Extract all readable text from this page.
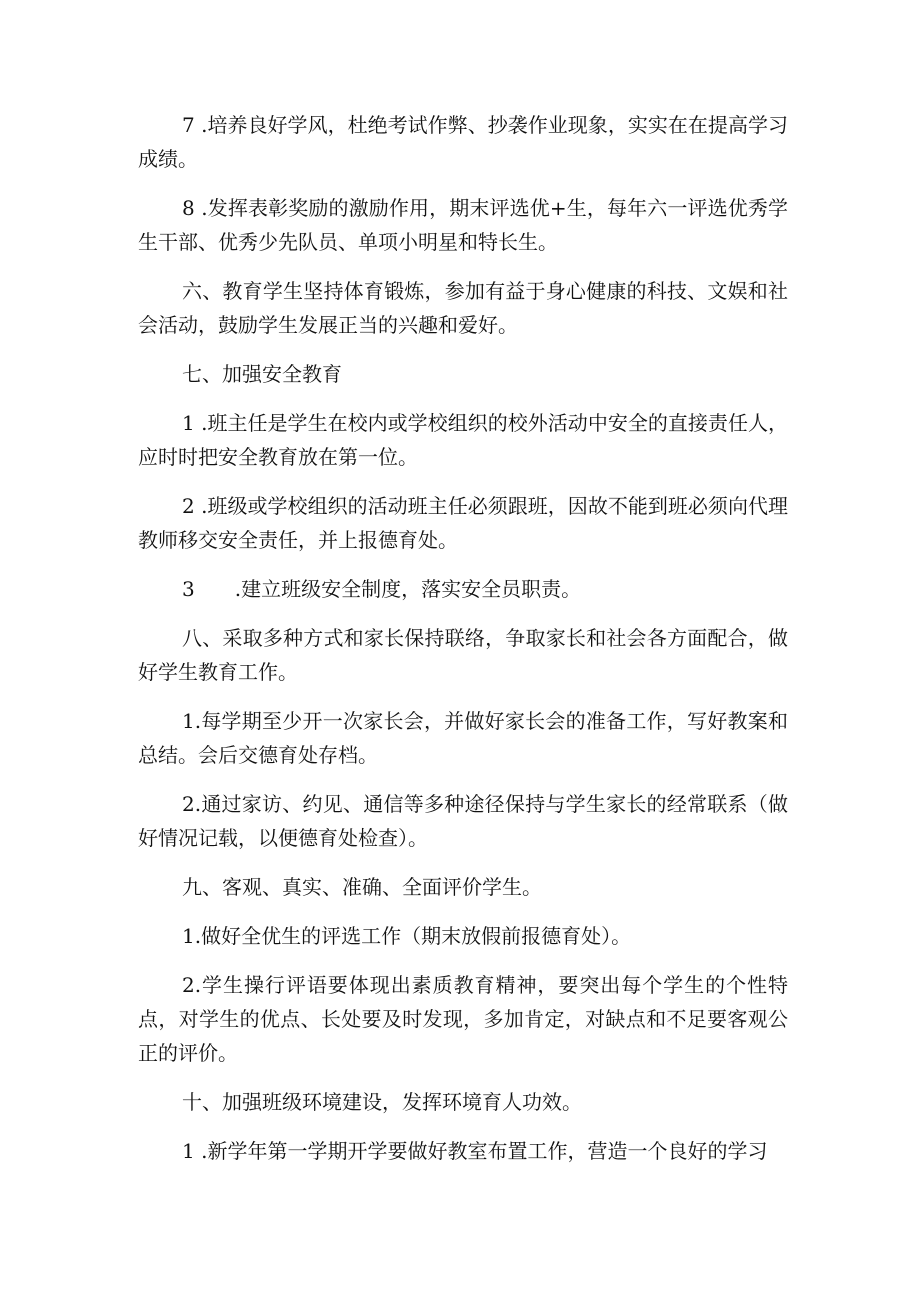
7 .培养良好学风，杜绝考试作弊、抄袭作业现象，实实在在提高学习成绩。

8 .发挥表彰奖励的激励作用，期末评选优+生，每年六一评选优秀学生干部、优秀少先队员、单项小明星和特长生。

六、教育学生坚持体育锻炼，参加有益于身心健康的科技、文娱和社会活动，鼓励学生发展正当的兴趣和爱好。

七、加强安全教育

1 .班主任是学生在校内或学校组织的校外活动中安全的直接责任人，应时时把安全教育放在第一位。

2 .班级或学校组织的活动班主任必须跟班，因故不能到班必须向代理教师移交安全责任，并上报德育处。

3　　.建立班级安全制度，落实安全员职责。

八、采取多种方式和家长保持联络，争取家长和社会各方面配合，做好学生教育工作。

1.每学期至少开一次家长会，并做好家长会的准备工作，写好教案和总结。会后交德育处存档。

2.通过家访、约见、通信等多种途径保持与学生家长的经常联系（做好情况记载，以便德育处检查）。

九、客观、真实、准确、全面评价学生。

1.做好全优生的评选工作（期末放假前报德育处）。

2.学生操行评语要体现出素质教育精神，要突出每个学生的个性特点，对学生的优点、长处要及时发现，多加肯定，对缺点和不足要客观公正的评价。

十、加强班级环境建设，发挥环境育人功效。

1 .新学年第一学期开学要做好教室布置工作，营造一个良好的学习
